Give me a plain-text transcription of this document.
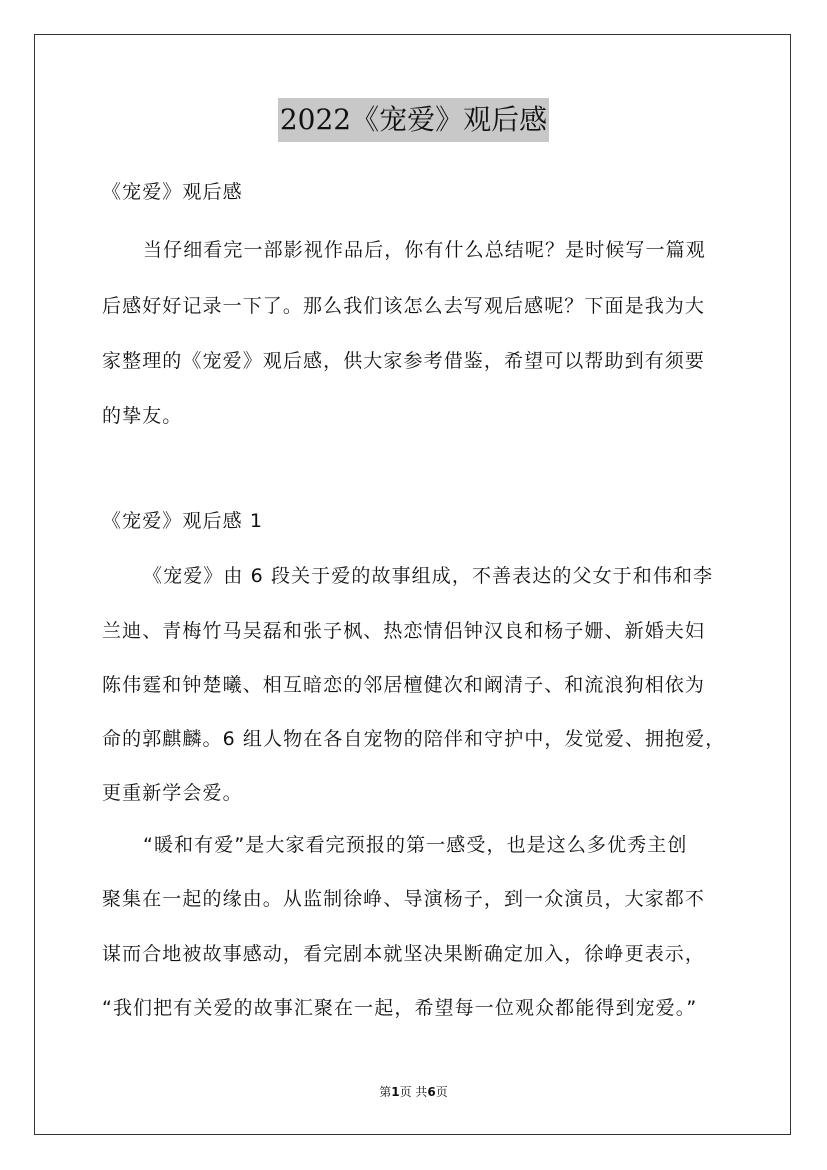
2022《宠爱》观后感
《宠爱》观后感
当仔细看完一部影视作品后，你有什么总结呢？是时候写一篇观
后感好好记录一下了。那么我们该怎么去写观后感呢？下面是我为大
家整理的《宠爱》观后感，供大家参考借鉴，希望可以帮助到有须要
的挚友。
《宠爱》观后感 1
《宠爱》由 6 段关于爱的故事组成，不善表达的父女于和伟和李
兰迪、青梅竹马吴磊和张子枫、热恋情侣钟汉良和杨子姗、新婚夫妇
陈伟霆和钟楚曦、相互暗恋的邻居檀健次和阚清子、和流浪狗相依为
命的郭麒麟。6 组人物在各自宠物的陪伴和守护中，发觉爱、拥抱爱，
更重新学会爱。
“暖和有爱”是大家看完预报的第一感受，也是这么多优秀主创
聚集在一起的缘由。从监制徐峥、导演杨子，到一众演员，大家都不
谋而合地被故事感动，看完剧本就坚决果断确定加入，徐峥更表示，
“我们把有关爱的故事汇聚在一起，希望每一位观众都能得到宠爱。”
第1页 共6页
